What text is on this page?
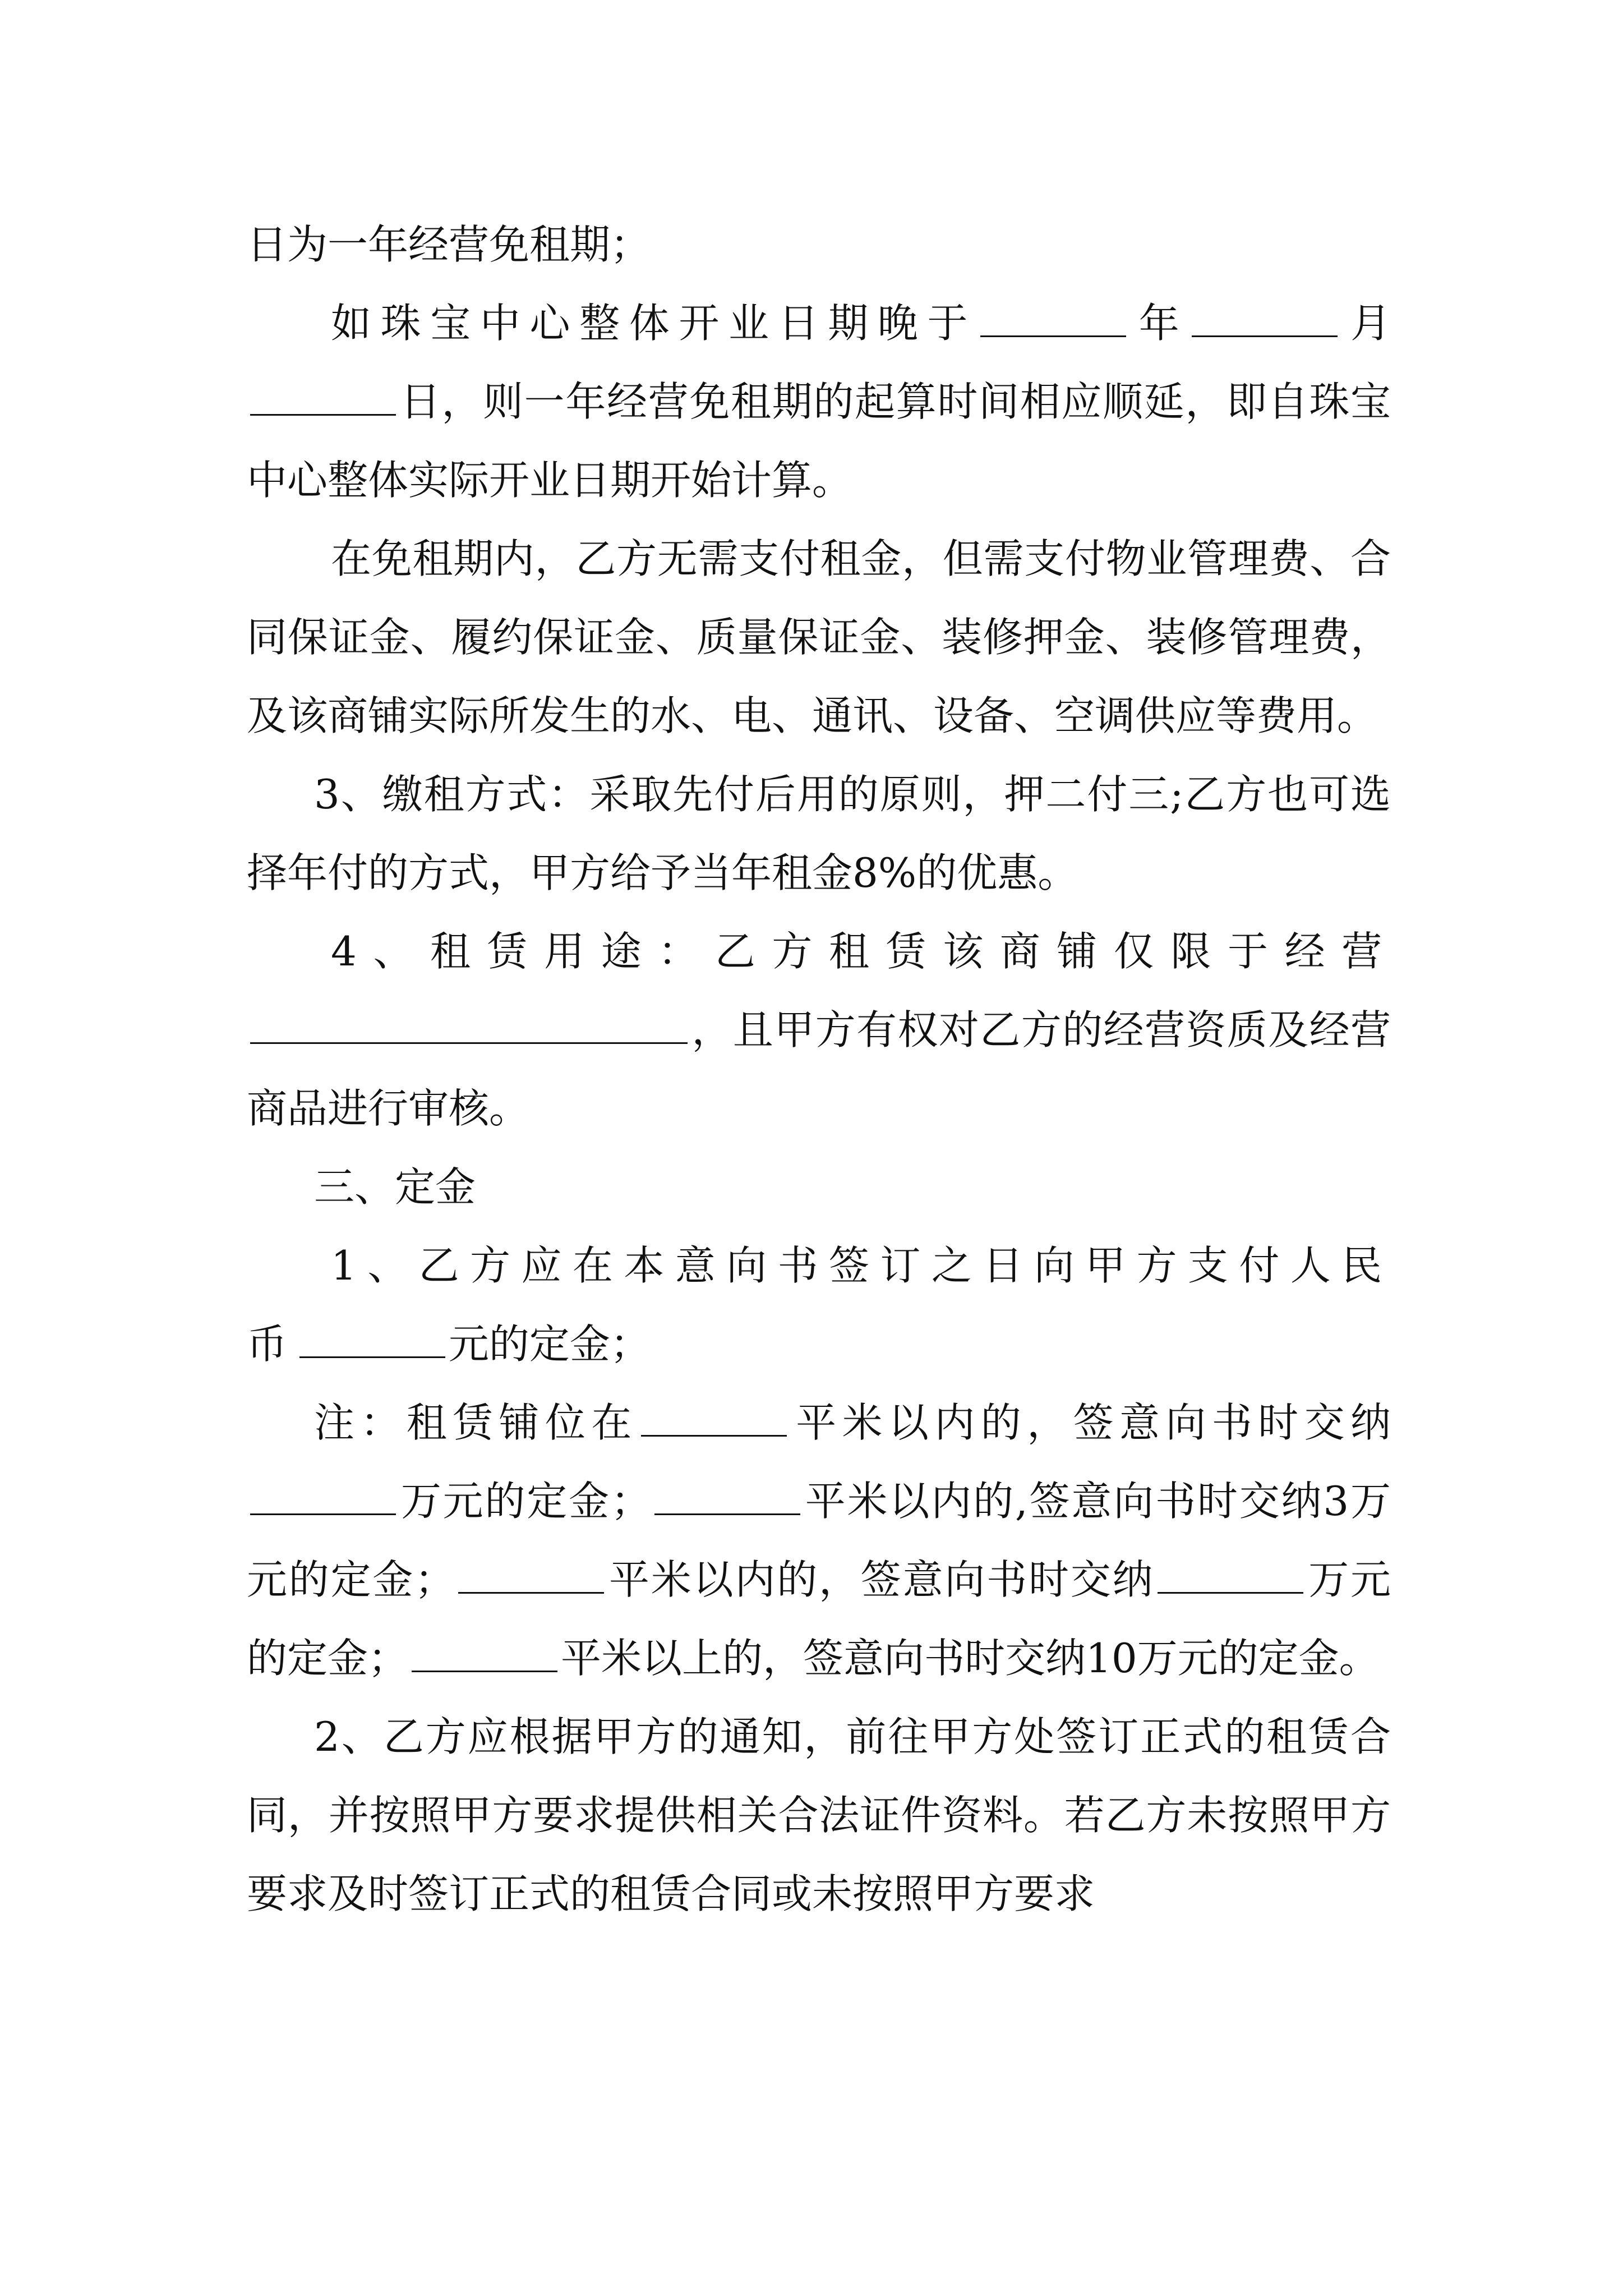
日为一年经营免租期；

如珠宝中心整体开业日期晚于	年	月日，则一年经营免租期的起算时间相应顺延，即自珠宝中心整体实际开业日期开始计算。

在免租期内，乙方无需支付租金，但需支付物业管理费、合同保证金、履约保证金、质量保证金、装修押金、装修管理费，及该商铺实际所发生的水、电、通讯、设备、空调供应等费用。

3、缴租方式：采取先付后用的原则，押二付三;乙方也可选择年付的方式，甲方给予当年租金8%的优惠。

4、租赁用途：乙方租赁该商铺仅限于经营，且甲方有权对乙方的经营资质及经营商品进行审核。

三、定金

1、乙方应在本意向书签订之日向甲方支付人民币	元的定金；

注：租赁铺位在	平米以内的，签意向书时交纳万元的定金；	平米以内的,签意向书时交纳3万元的定金；	平米以内的，签意向书时交纳	万元的定金；	平米以上的，签意向书时交纳10万元的定金。

2、乙方应根据甲方的通知，前往甲方处签订正式的租赁合同，并按照甲方要求提供相关合法证件资料。若乙方未按照甲方要求及时签订正式的租赁合同或未按照甲方要求
